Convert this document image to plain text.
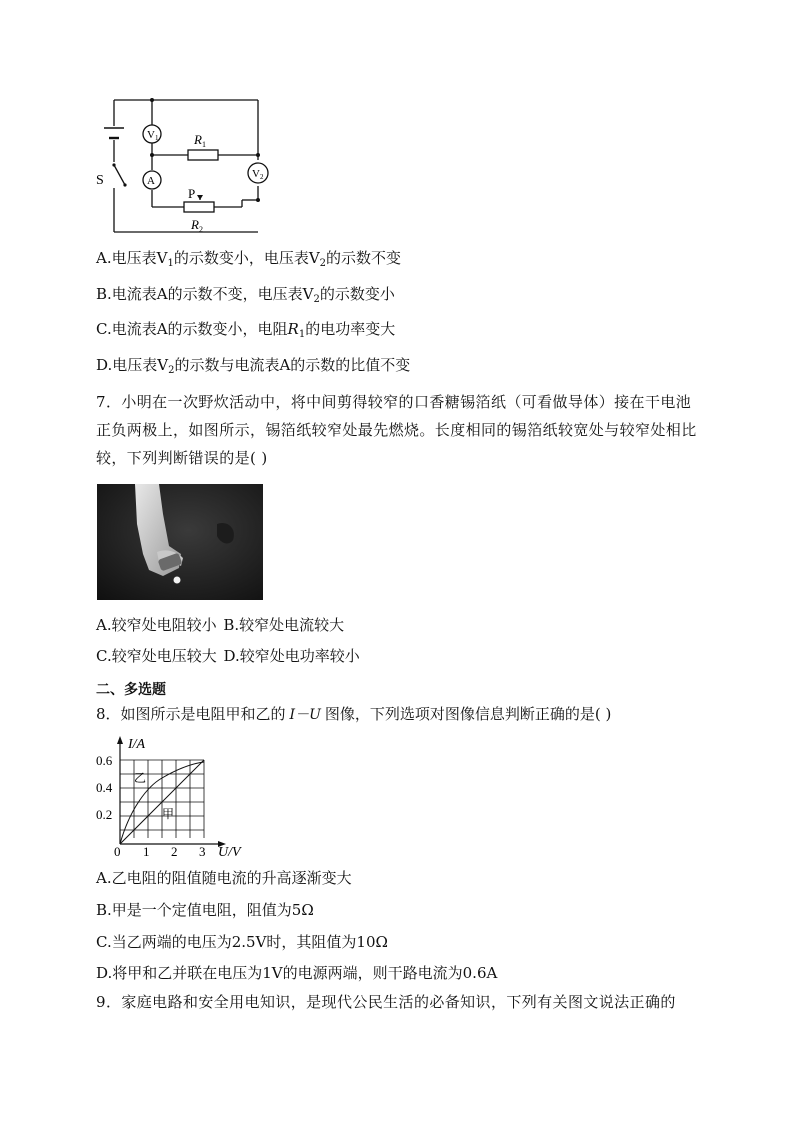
S
V1
A
V2
$R_1$
P
$R_2$
A.电压表$V_1$的示数变小，电压表$V_2$的示数不变
B.电流表A的示数不变，电压表$V_2$的示数变小
C.电流表A的示数变小，电阻$R_1$的电功率变大
D.电压表$V_2$的示数与电流表A的示数的比值不变
7．小明在一次野炊活动中，将中间剪得较窄的口香糖锡箔纸（可看做导体）接在干电池正负两极上，如图所示，锡箔纸较窄处最先燃烧。长度相同的锡箔纸较宽处与较窄处相比较，下列判断错误的是( )
A.较窄处电阻较小 B.较窄处电流较大
C.较窄处电压较大 D.较窄处电功率较小
二、多选题
8．如图所示是电阻甲和乙的 I－U 图像，下列选项对图像信息判断正确的是( )
I/A
U/V
0.6
0.4
0.2
0 1 2 3
乙
甲
A.乙电阻的阻值随电流的升高逐渐变大
B.甲是一个定值电阻，阻值为5Ω
C.当乙两端的电压为2.5V时，其阻值为10Ω
D.将甲和乙并联在电压为1V的电源两端，则干路电流为0.6A
9．家庭电路和安全用电知识，是现代公民生活的必备知识，下列有关图文说法正确的
